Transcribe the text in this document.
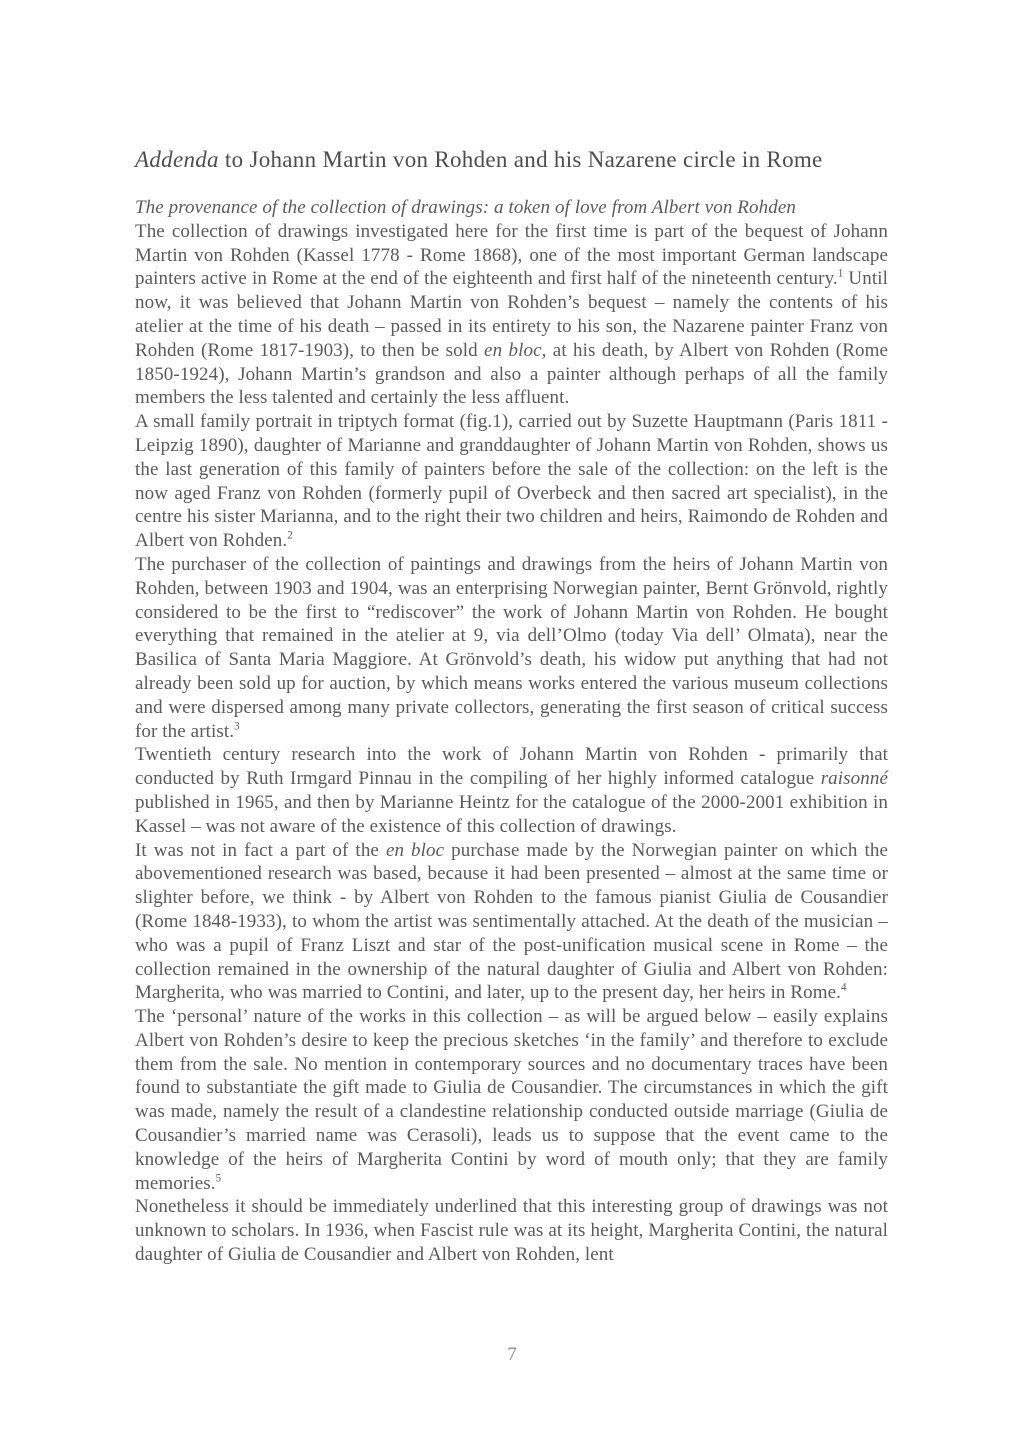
Addenda to Johann Martin von Rohden and his Nazarene circle in Rome

The provenance of the collection of drawings: a token of love from Albert von Rohden

The collection of drawings investigated here for the first time is part of the bequest of Johann Martin von Rohden (Kassel 1778 - Rome 1868), one of the most important German landscape painters active in Rome at the end of the eighteenth and first half of the nineteenth century.$^1$ Until now, it was believed that Johann Martin von Rohden’s bequest – namely the contents of his atelier at the time of his death – passed in its entirety to his son, the Nazarene painter Franz von Rohden (Rome 1817-1903), to then be sold en bloc, at his death, by Albert von Rohden (Rome 1850-1924), Johann Martin’s grandson and also a painter although perhaps of all the family members the less talented and certainly the less affluent.

A small family portrait in triptych format (fig.1), carried out by Suzette Hauptmann (Paris 1811 - Leipzig 1890), daughter of Marianne and granddaughter of Johann Martin von Rohden, shows us the last generation of this family of painters before the sale of the collection: on the left is the now aged Franz von Rohden (formerly pupil of Overbeck and then sacred art specialist), in the centre his sister Marianna, and to the right their two children and heirs, Raimondo de Rohden and Albert von Rohden.$^2$

The purchaser of the collection of paintings and drawings from the heirs of Johann Martin von Rohden, between 1903 and 1904, was an enterprising Norwegian painter, Bernt Grönvold, rightly considered to be the first to “rediscover” the work of Johann Martin von Rohden. He bought everything that remained in the atelier at 9, via dell’Olmo (today Via dell’ Olmata), near the Basilica of Santa Maria Maggiore. At Grönvold’s death, his widow put anything that had not already been sold up for auction, by which means works entered the various museum collections and were dispersed among many private collectors, generating the first season of critical success for the artist.$^3$

Twentieth century research into the work of Johann Martin von Rohden - primarily that conducted by Ruth Irmgard Pinnau in the compiling of her highly informed catalogue raisonné published in 1965, and then by Marianne Heintz for the catalogue of the 2000-2001 exhibition in Kassel – was not aware of the existence of this collection of drawings.

It was not in fact a part of the en bloc purchase made by the Norwegian painter on which the abovementioned research was based, because it had been presented – almost at the same time or slighter before, we think - by Albert von Rohden to the famous pianist Giulia de Cousandier (Rome 1848-1933), to whom the artist was sentimentally attached. At the death of the musician – who was a pupil of Franz Liszt and star of the post-unification musical scene in Rome – the collection remained in the ownership of the natural daughter of Giulia and Albert von Rohden: Margherita, who was married to Contini, and later, up to the present day, her heirs in Rome.$^4$

The ‘personal’ nature of the works in this collection – as will be argued below – easily explains Albert von Rohden’s desire to keep the precious sketches ‘in the family’ and therefore to exclude them from the sale. No mention in contemporary sources and no documentary traces have been found to substantiate the gift made to Giulia de Cousandier. The circumstances in which the gift was made, namely the result of a clandestine relationship conducted outside marriage (Giulia de Cousandier’s married name was Cerasoli), leads us to suppose that the event came to the knowledge of the heirs of Margherita Contini by word of mouth only; that they are family memories.$^5$

Nonetheless it should be immediately underlined that this interesting group of drawings was not unknown to scholars. In 1936, when Fascist rule was at its height, Margherita Contini, the natural daughter of Giulia de Cousandier and Albert von Rohden, lent

7
